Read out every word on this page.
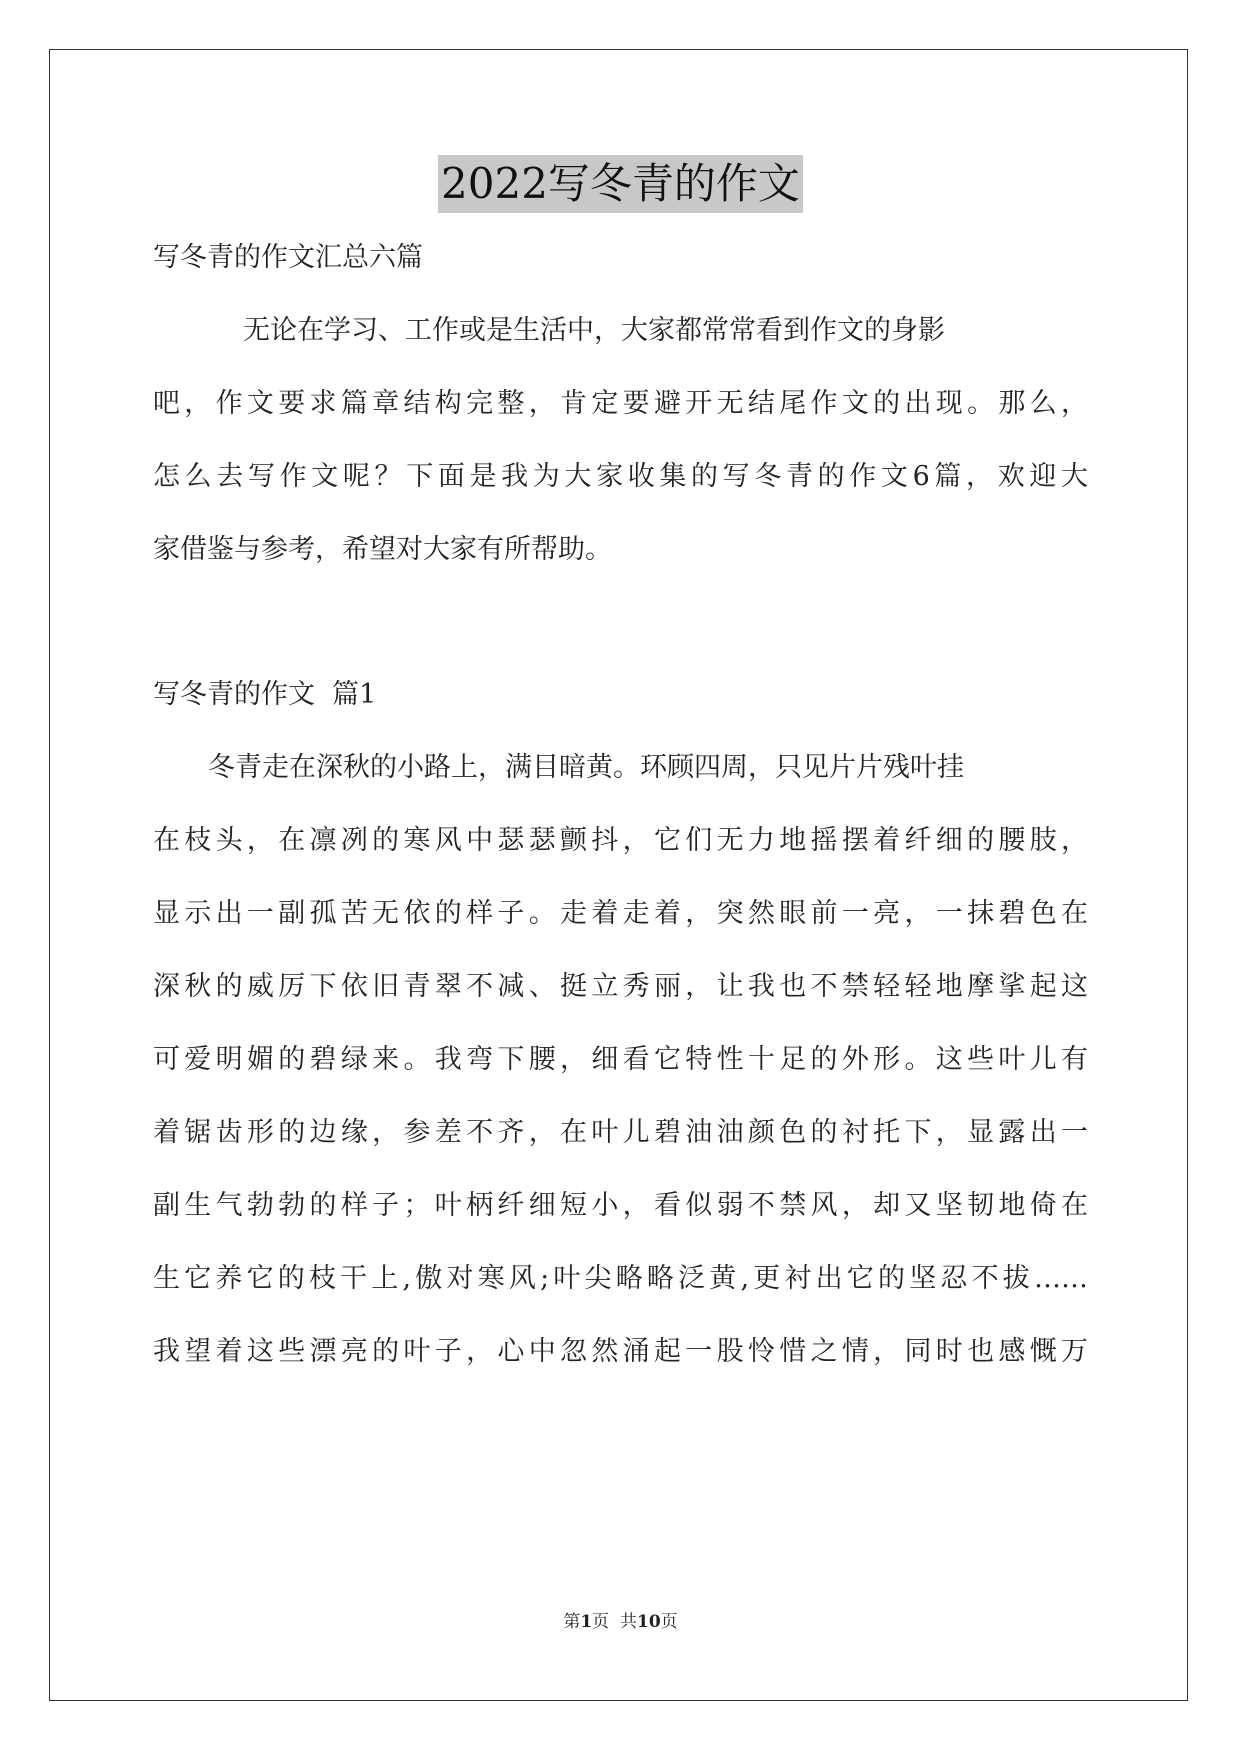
2022写冬青的作文
写冬青的作文汇总六篇
无论在学习、工作或是生活中，大家都常常看到作文的身影
吧，作文要求篇章结构完整，肯定要避开无结尾作文的出现。那么，
怎么去写作文呢？下面是我为大家收集的写冬青的作文6篇，欢迎大
家借鉴与参考，希望对大家有所帮助。
写冬青的作文  篇1
冬青走在深秋的小路上，满目暗黄。环顾四周，只见片片残叶挂
在枝头，在凛冽的寒风中瑟瑟颤抖，它们无力地摇摆着纤细的腰肢，
显示出一副孤苦无依的样子。走着走着，突然眼前一亮，一抹碧色在
深秋的威厉下依旧青翠不减、挺立秀丽，让我也不禁轻轻地摩挲起这
可爱明媚的碧绿来。我弯下腰，细看它特性十足的外形。这些叶儿有
着锯齿形的边缘，参差不齐，在叶儿碧油油颜色的衬托下，显露出一
副生气勃勃的样子；叶柄纤细短小，看似弱不禁风，却又坚韧地倚在
生它养它的枝干上,傲对寒风;叶尖略略泛黄,更衬出它的坚忍不拔……
我望着这些漂亮的叶子，心中忽然涌起一股怜惜之情，同时也感慨万
第1页  共10页
